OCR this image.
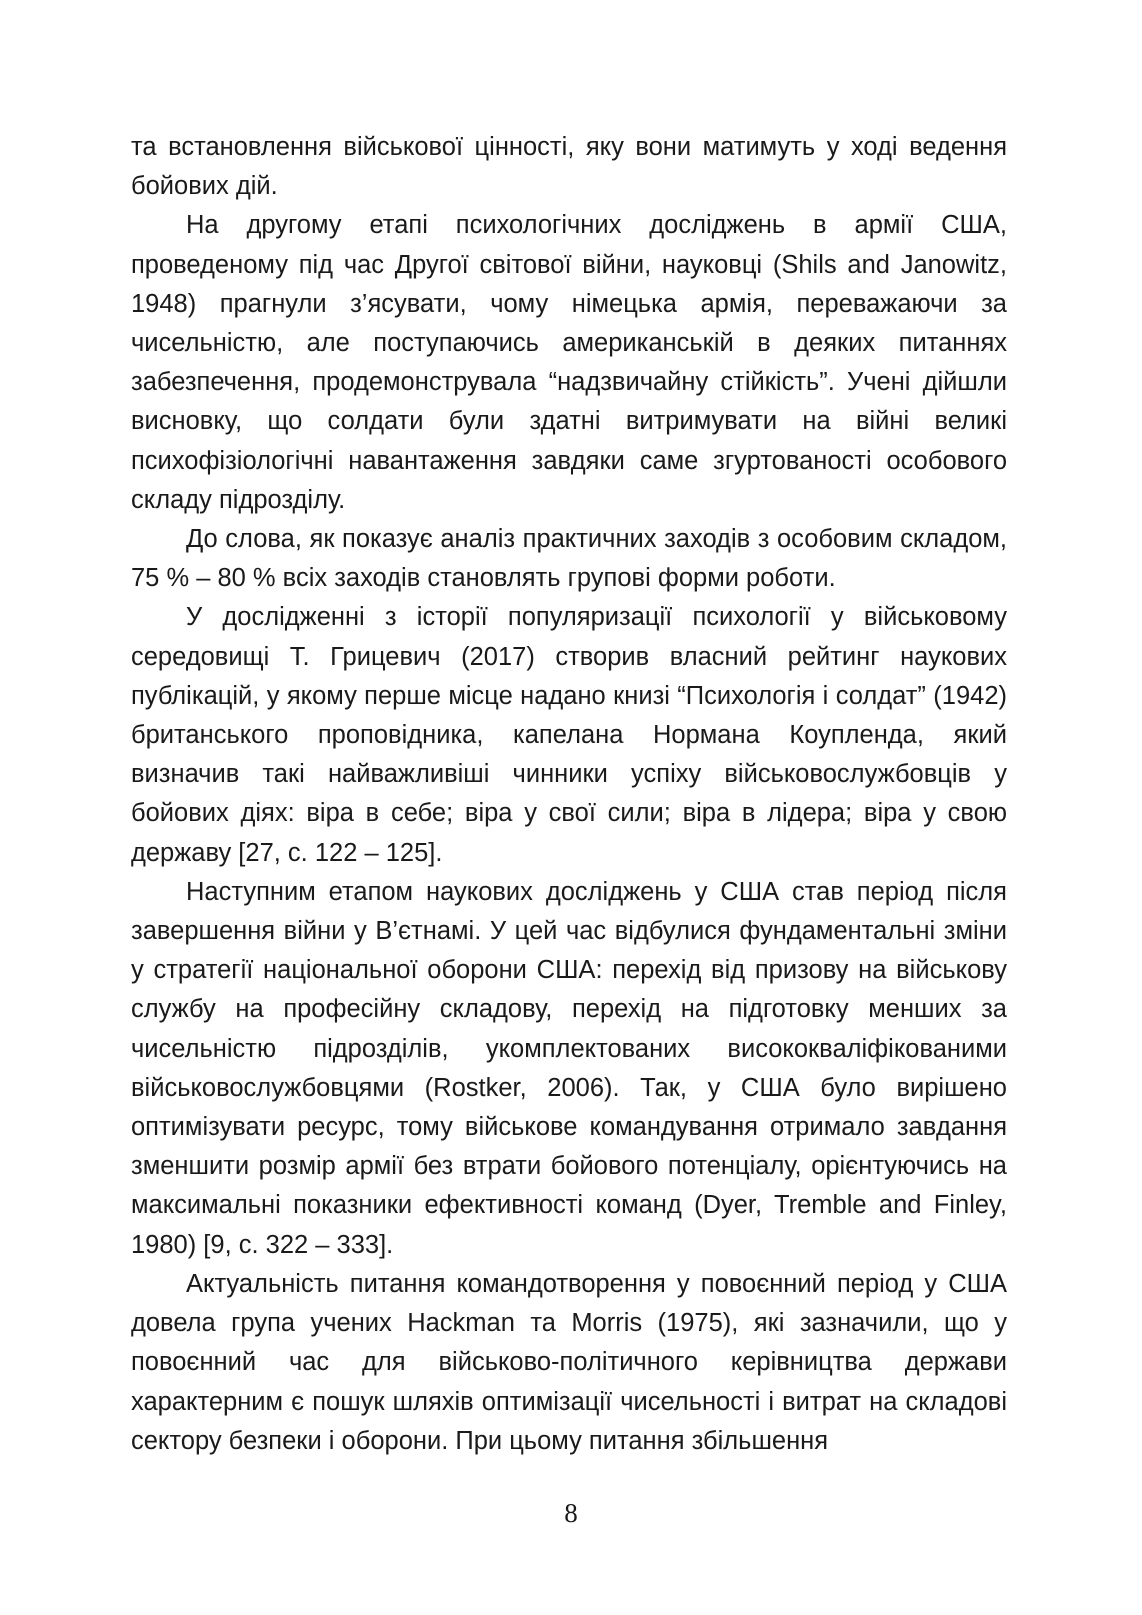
та встановлення військової цінності, яку вони матимуть у ході ведення бойових дій.

На другому етапі психологічних досліджень в армії США, проведеному під час Другої світової війни, науковці (Shils and Janowitz, 1948) прагнули з’ясувати, чому німецька армія, переважаючи за чисельністю, але поступаючись американській в деяких питаннях забезпечення, продемонструвала “надзвичайну стійкість”. Учені дійшли висновку, що солдати були здатні витримувати на війні великі психофізіологічні навантаження завдяки саме згуртованості особового складу підрозділу.

До слова, як показує аналіз практичних заходів з особовим складом, 75 % – 80 % всіх заходів становлять групові форми роботи.

У дослідженні з історії популяризації психології у військовому середовищі Т. Грицевич (2017) створив власний рейтинг наукових публікацій, у якому перше місце надано книзі “Психологія і солдат” (1942) британського проповідника, капелана Нормана Коупленда, який визначив такі найважливіші чинники успіху військовослужбовців у бойових діях: віра в себе; віра у свої сили; віра в лідера; віра у свою державу [27, с. 122 – 125].

Наступним етапом наукових досліджень у США став період після завершення війни у В’єтнамі. У цей час відбулися фундаментальні зміни у стратегії національної оборони США: перехід від призову на військову службу на професійну складову, перехід на підготовку менших за чисельністю підрозділів, укомплектованих висококваліфікованими військовослужбовцями (Rostker, 2006). Так, у США було вирішено оптимізувати ресурс, тому військове командування отримало завдання зменшити розмір армії без втрати бойового потенціалу, орієнтуючись на максимальні показники ефективності команд (Dyer, Tremble and Finley, 1980) [9, с. 322 – 333].

Актуальність питання командотворення у повоєнний період у США довела група учених Hackman та Morris (1975), які зазначили, що у повоєнний час для військово-політичного керівництва держави характерним є пошук шляхів оптимізації чисельності і витрат на складові сектору безпеки і оборони. При цьому питання збільшення

8
